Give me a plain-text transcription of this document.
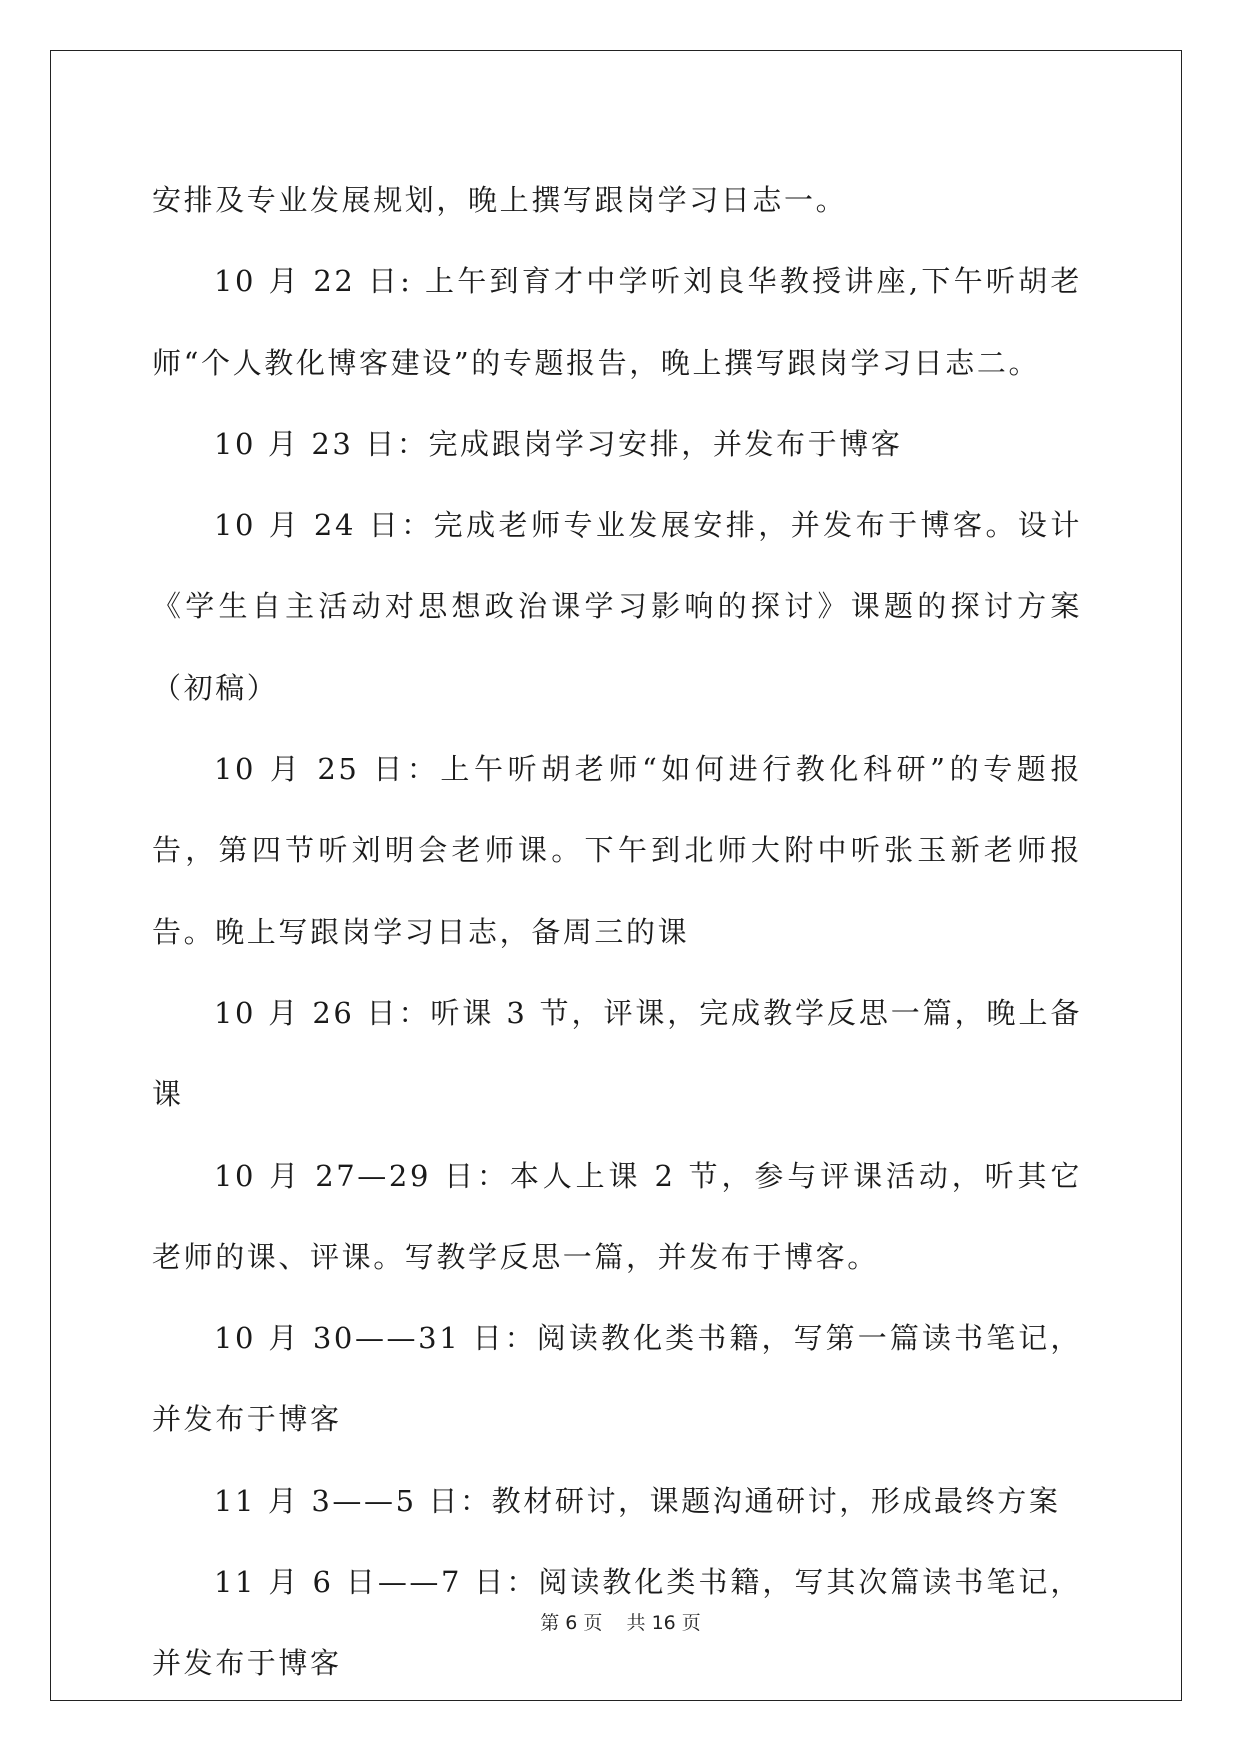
安排及专业发展规划，晚上撰写跟岗学习日志一。

10 月 22 日: 上午到育才中学听刘良华教授讲座,下午听胡老师“个人教化博客建设”的专题报告，晚上撰写跟岗学习日志二。

10 月 23 日：完成跟岗学习安排，并发布于博客

10 月 24 日：完成老师专业发展安排，并发布于博客。设计《学生自主活动对思想政治课学习影响的探讨》课题的探讨方案（初稿）

10 月 25 日：上午听胡老师“如何进行教化科研”的专题报告，第四节听刘明会老师课。下午到北师大附中听张玉新老师报告。晚上写跟岗学习日志，备周三的课

10 月 26 日：听课 3 节，评课，完成教学反思一篇，晚上备课

10 月 27—29 日：本人上课 2 节，参与评课活动，听其它老师的课、评课。写教学反思一篇，并发布于博客。

10 月 30——31 日：阅读教化类书籍，写第一篇读书笔记，并发布于博客

11 月 3——5 日：教材研讨，课题沟通研讨，形成最终方案

11 月 6 日——7 日：阅读教化类书籍，写其次篇读书笔记，并发布于博客

第 6 页    共 16 页
